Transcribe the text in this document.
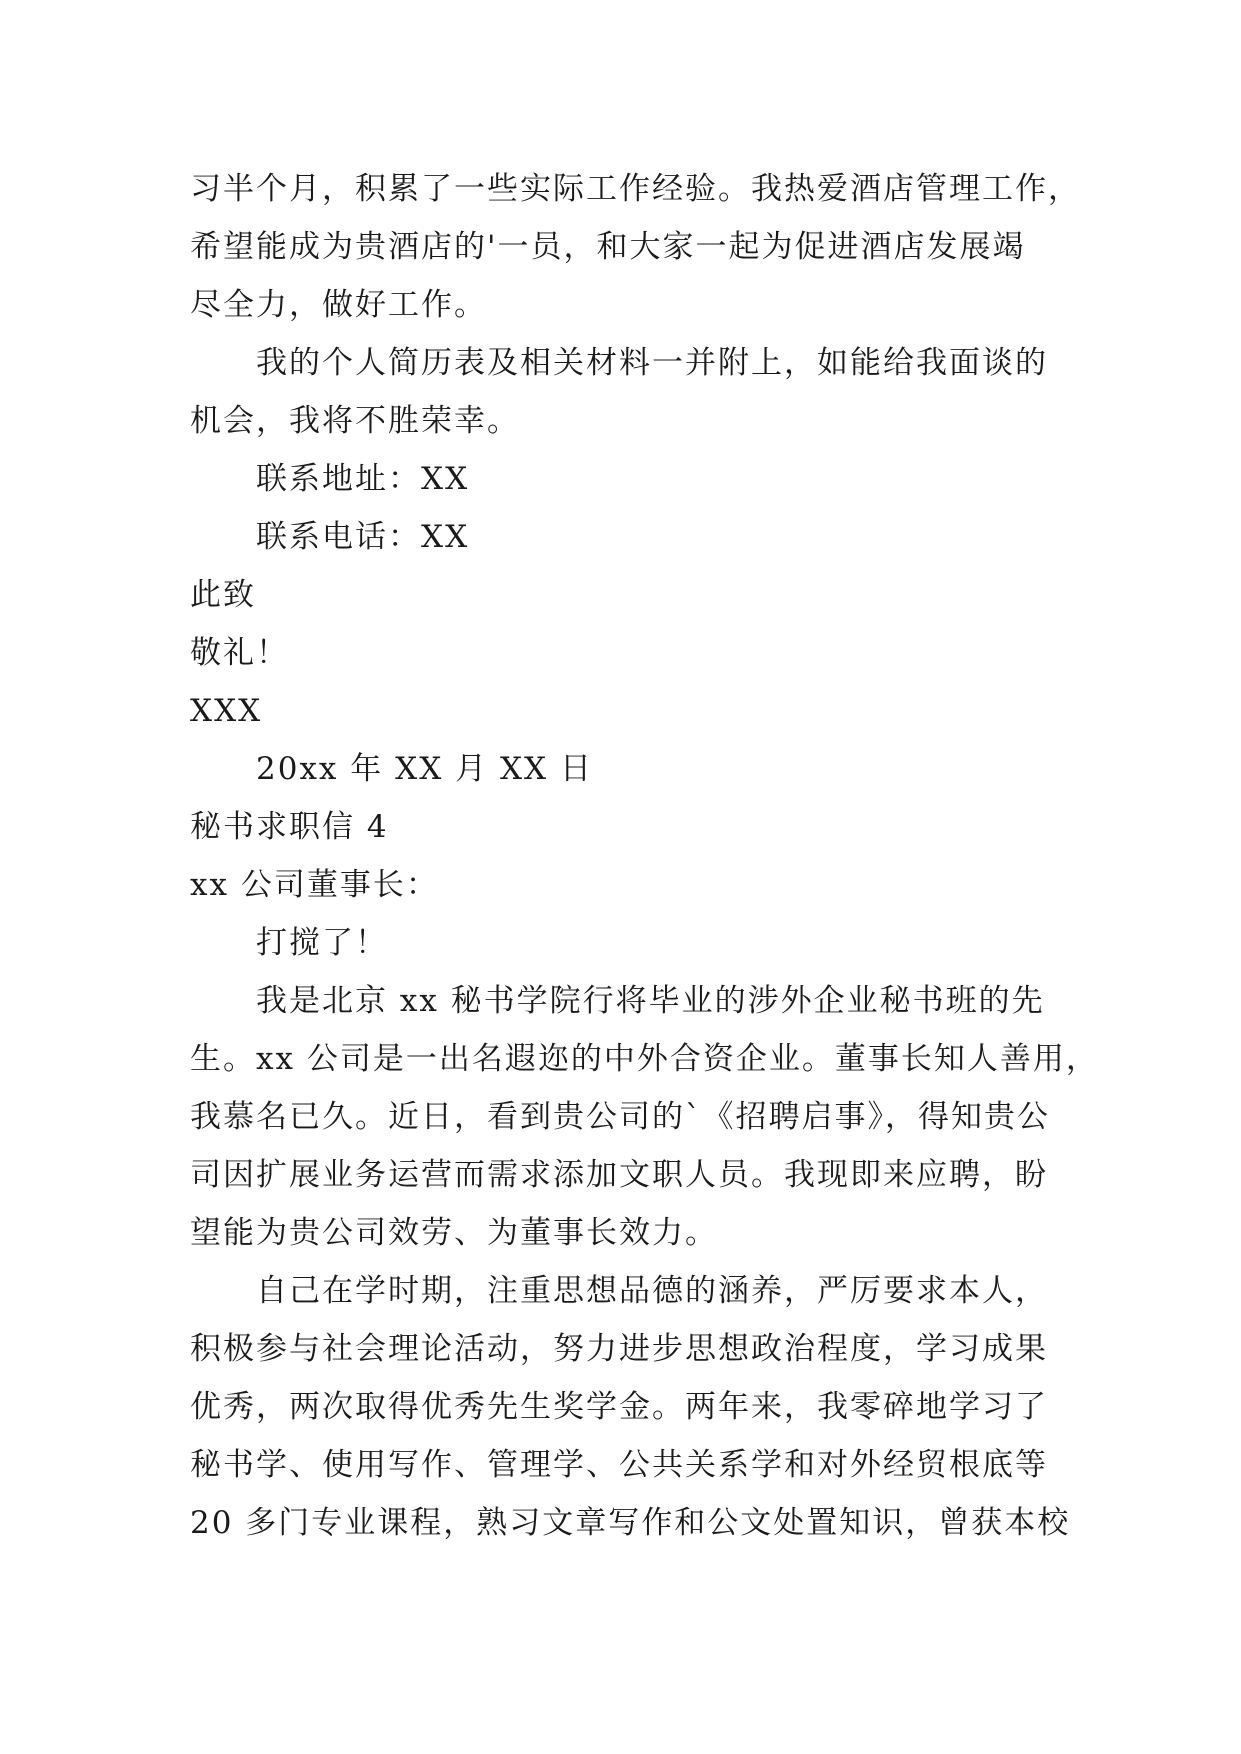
习半个月，积累了一些实际工作经验。我热爱酒店管理工作，
希望能成为贵酒店的'一员，和大家一起为促进酒店发展竭
尽全力，做好工作。
我的个人简历表及相关材料一并附上，如能给我面谈的
机会，我将不胜荣幸。
联系地址：XX
联系电话：XX
此致
敬礼！
XXX
20xx 年 XX 月 XX 日
秘书求职信 4
xx 公司董事长：
打搅了！
我是北京 xx 秘书学院行将毕业的涉外企业秘书班的先
生。xx 公司是一出名遐迩的中外合资企业。董事长知人善用，
我慕名已久。近日，看到贵公司的`《招聘启事》，得知贵公
司因扩展业务运营而需求添加文职人员。我现即来应聘，盼
望能为贵公司效劳、为董事长效力。
自己在学时期，注重思想品德的涵养，严厉要求本人，
积极参与社会理论活动，努力进步思想政治程度，学习成果
优秀，两次取得优秀先生奖学金。两年来，我零碎地学习了
秘书学、使用写作、管理学、公共关系学和对外经贸根底等
20 多门专业课程，熟习文章写作和公文处置知识，曾获本校
